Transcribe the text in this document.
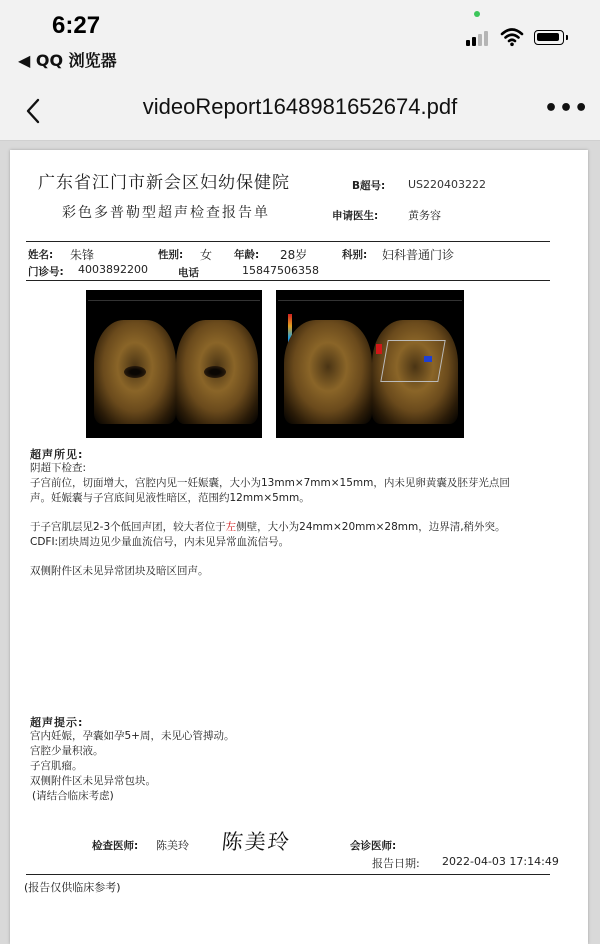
6:27
◀ QQ 浏览器
videoReport1648981652674.pdf	•••
广东省江门市新会区妇幼保健院
彩色多普勒型超声检查报告单
B超号: US220403222
申请医生:	黄务容
姓名: 朱锋	性别: 女 年龄: 28岁	科别: 妇科普通门诊
门诊号: 4003892200	电话	15847506358
超声所见:
阴超下检查:
子宫前位，切面增大，宫腔内见一妊娠囊，大小为13mm×7mm×15mm，内未见卵黄囊及胚芽光点回
声。妊娠囊与子宫底间见液性暗区，范围约12mm×5mm。
于子宫肌层见2-3个低回声团，较大者位于左侧壁，大小为24mm×20mm×28mm，边界清,稍外突。
CDFI:团块周边见少量血流信号，内未见异常血流信号。
双侧附件区未见异常团块及暗区回声。
超声提示:
宫内妊娠，孕囊如孕5+周，未见心管搏动。
宫腔少量积液。
子宫肌瘤。
双侧附件区未见异常包块。
(请结合临床考虑)
检查医师: 陈美玲 陈美玲	会诊医师:
报告日期: 2022-04-03 17:14:49
(报告仅供临床参考)
